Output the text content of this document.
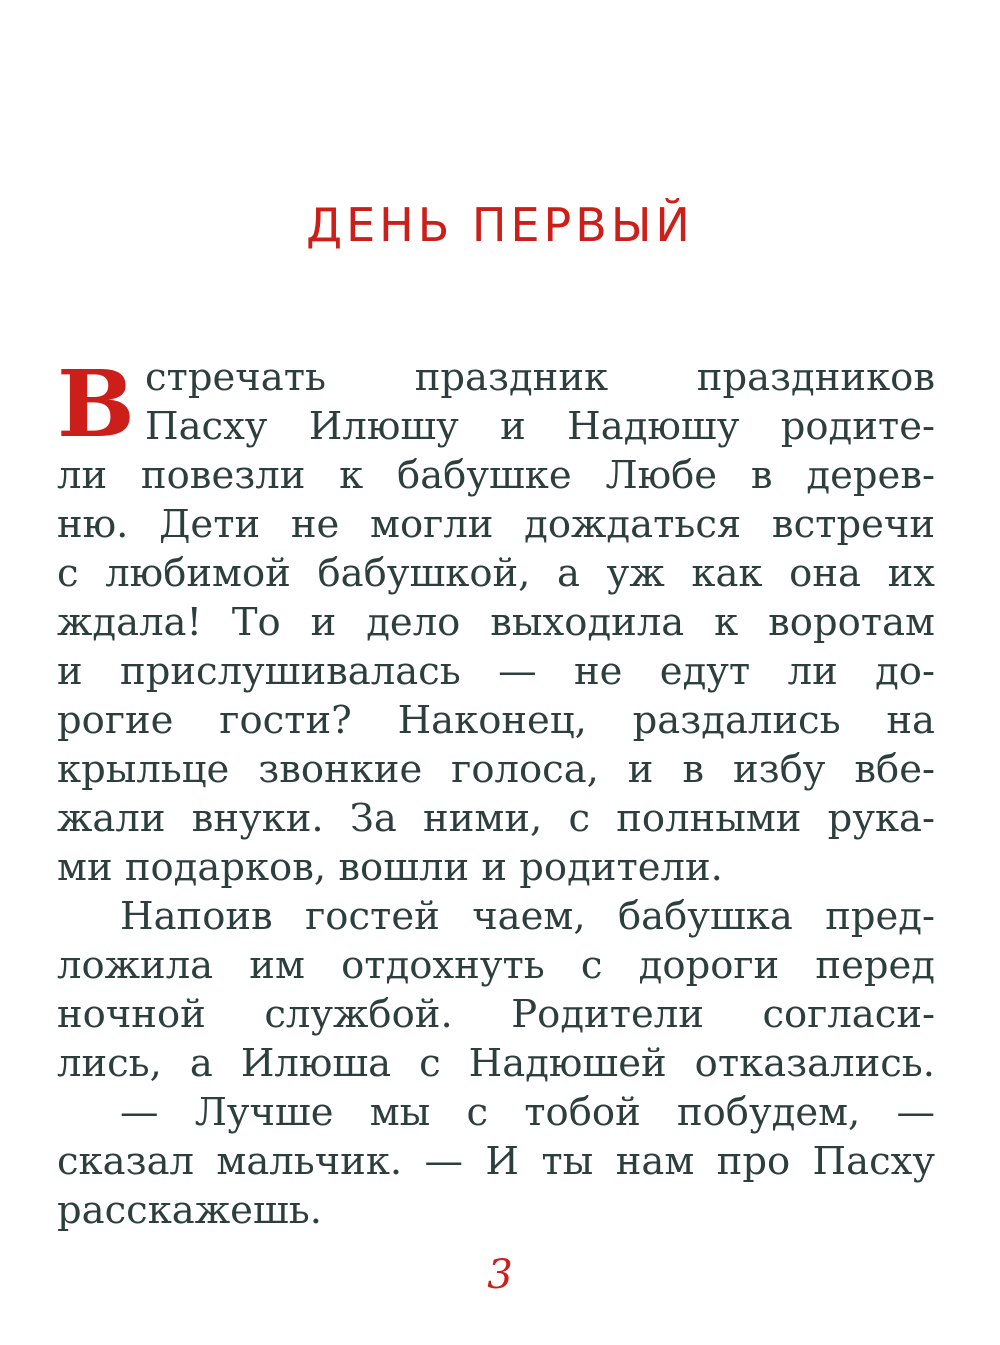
ДЕНЬ ПЕРВЫЙ
В стречать праздник праздников
Пасху Илюшу и Надюшу родите-
ли повезли к бабушке Любе в дерев-
ню. Дети не могли дождаться встречи
с любимой бабушкой, а уж как она их
ждала! То и дело выходила к воротам
и прислушивалась — не едут ли до-
рогие гости? Наконец, раздались на
крыльце звонкие голоса, и в избу вбе-
жали внуки. За ними, с полными рука-
ми подарков, вошли и родители.
Напоив гостей чаем, бабушка пред-
ложила им отдохнуть с дороги перед
ночной службой. Родители согласи-
лись, а Илюша с Надюшей отказались.
— Лучше мы с тобой побудем, —
сказал мальчик. — И ты нам про Пасху
расскажешь.
3
